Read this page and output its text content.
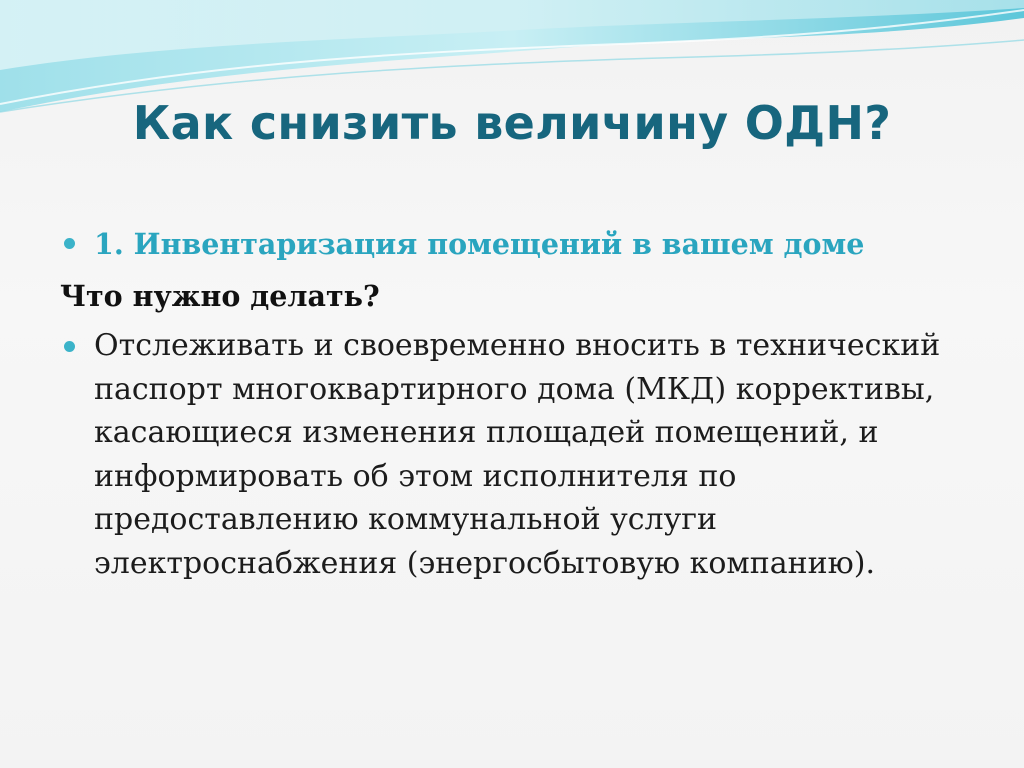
Как снизить величину ОДН?
1. Инвентаризация помещений в вашем доме
Что нужно делать?
Отслеживать и своевременно вносить в технический паспорт многоквартирного дома (МКД) коррективы, касающиеся изменения площадей помещений, и информировать об этом исполнителя по предоставлению коммунальной услуги электроснабжения (энергосбытовую компанию).
